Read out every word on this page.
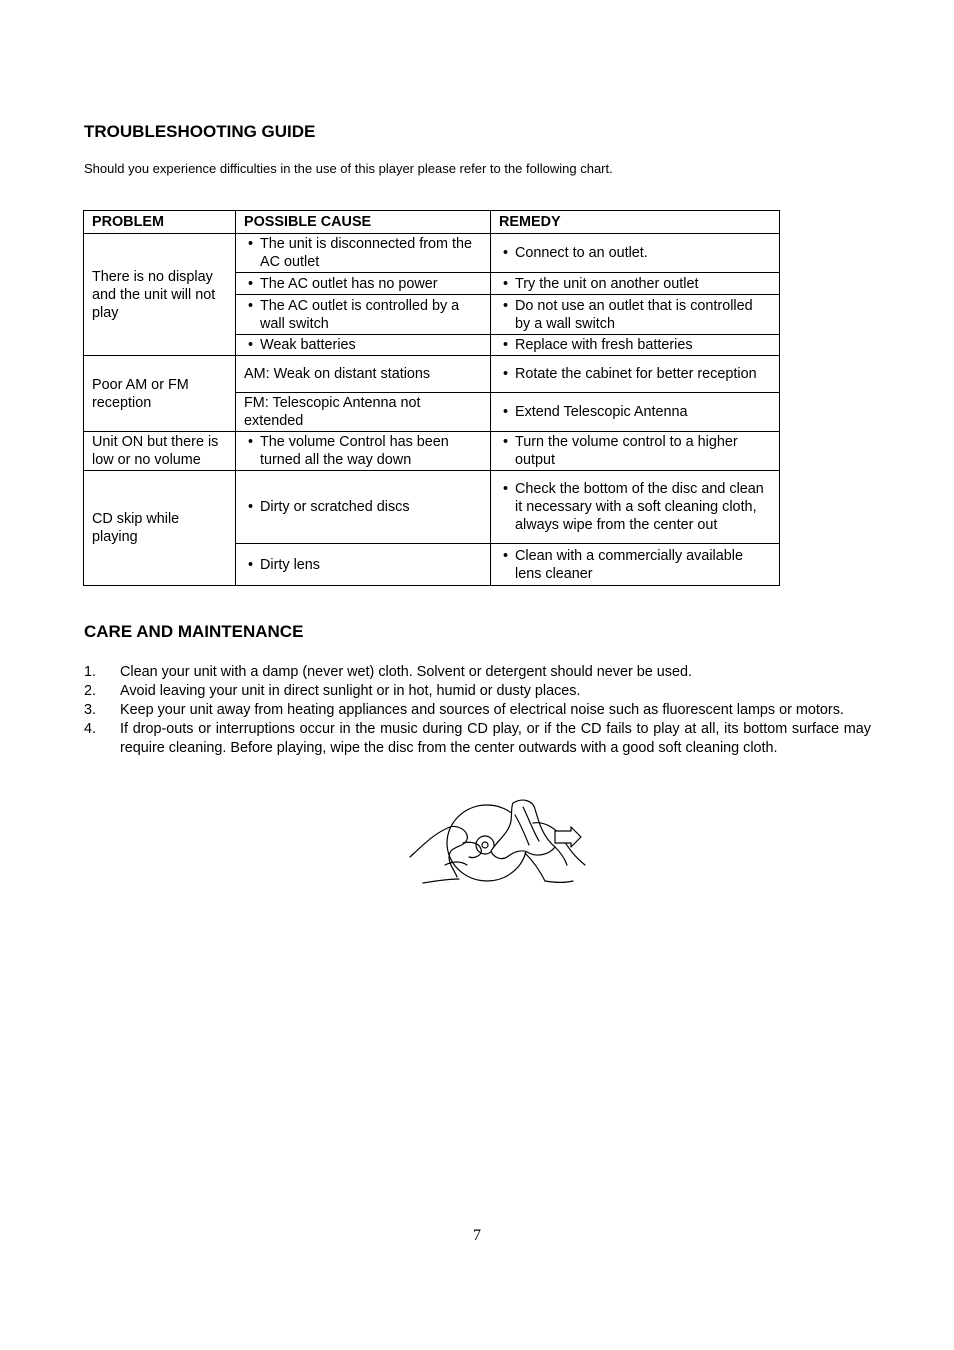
TROUBLESHOOTING GUIDE

Should you experience difficulties in the use of this player please refer to the following chart.

PROBLEM	POSSIBLE CAUSE	REMEDY
There is no display and the unit will not play	• The unit is disconnected from the AC outlet	• Connect to an outlet.

	• The AC outlet has no power	• Try the unit on another outlet

	• The AC outlet is controlled by a wall switch	• Do not use an outlet that is controlled by a wall switch

	• Weak batteries	• Replace with fresh batteries

Poor AM or FM reception	AM: Weak on distant stations	• Rotate the cabinet for better reception

	FM: Telescopic Antenna not extended	• Extend Telescopic Antenna

Unit ON but there is low or no volume	• The volume Control has been turned all the way down	• Turn the volume control to a higher output

CD skip while playing	• Dirty or scratched discs	• Check the bottom of the disc and clean it necessary with a soft cleaning cloth, always wipe from the center out

	• Dirty lens	• Clean with a commercially available lens cleaner
CARE AND MAINTENANCE
1. Clean your unit with a damp (never wet) cloth. Solvent or detergent should never be used.
2. Avoid leaving your unit in direct sunlight or in hot, humid or dusty places.
3. Keep your unit away from heating appliances and sources of electrical noise such as fluorescent lamps or motors.
4. If drop-outs or interruptions occur in the music during CD play, or if the CD fails to play at all, its bottom surface may require cleaning. Before playing, wipe the disc from the center outwards with a good soft cleaning cloth.
7
